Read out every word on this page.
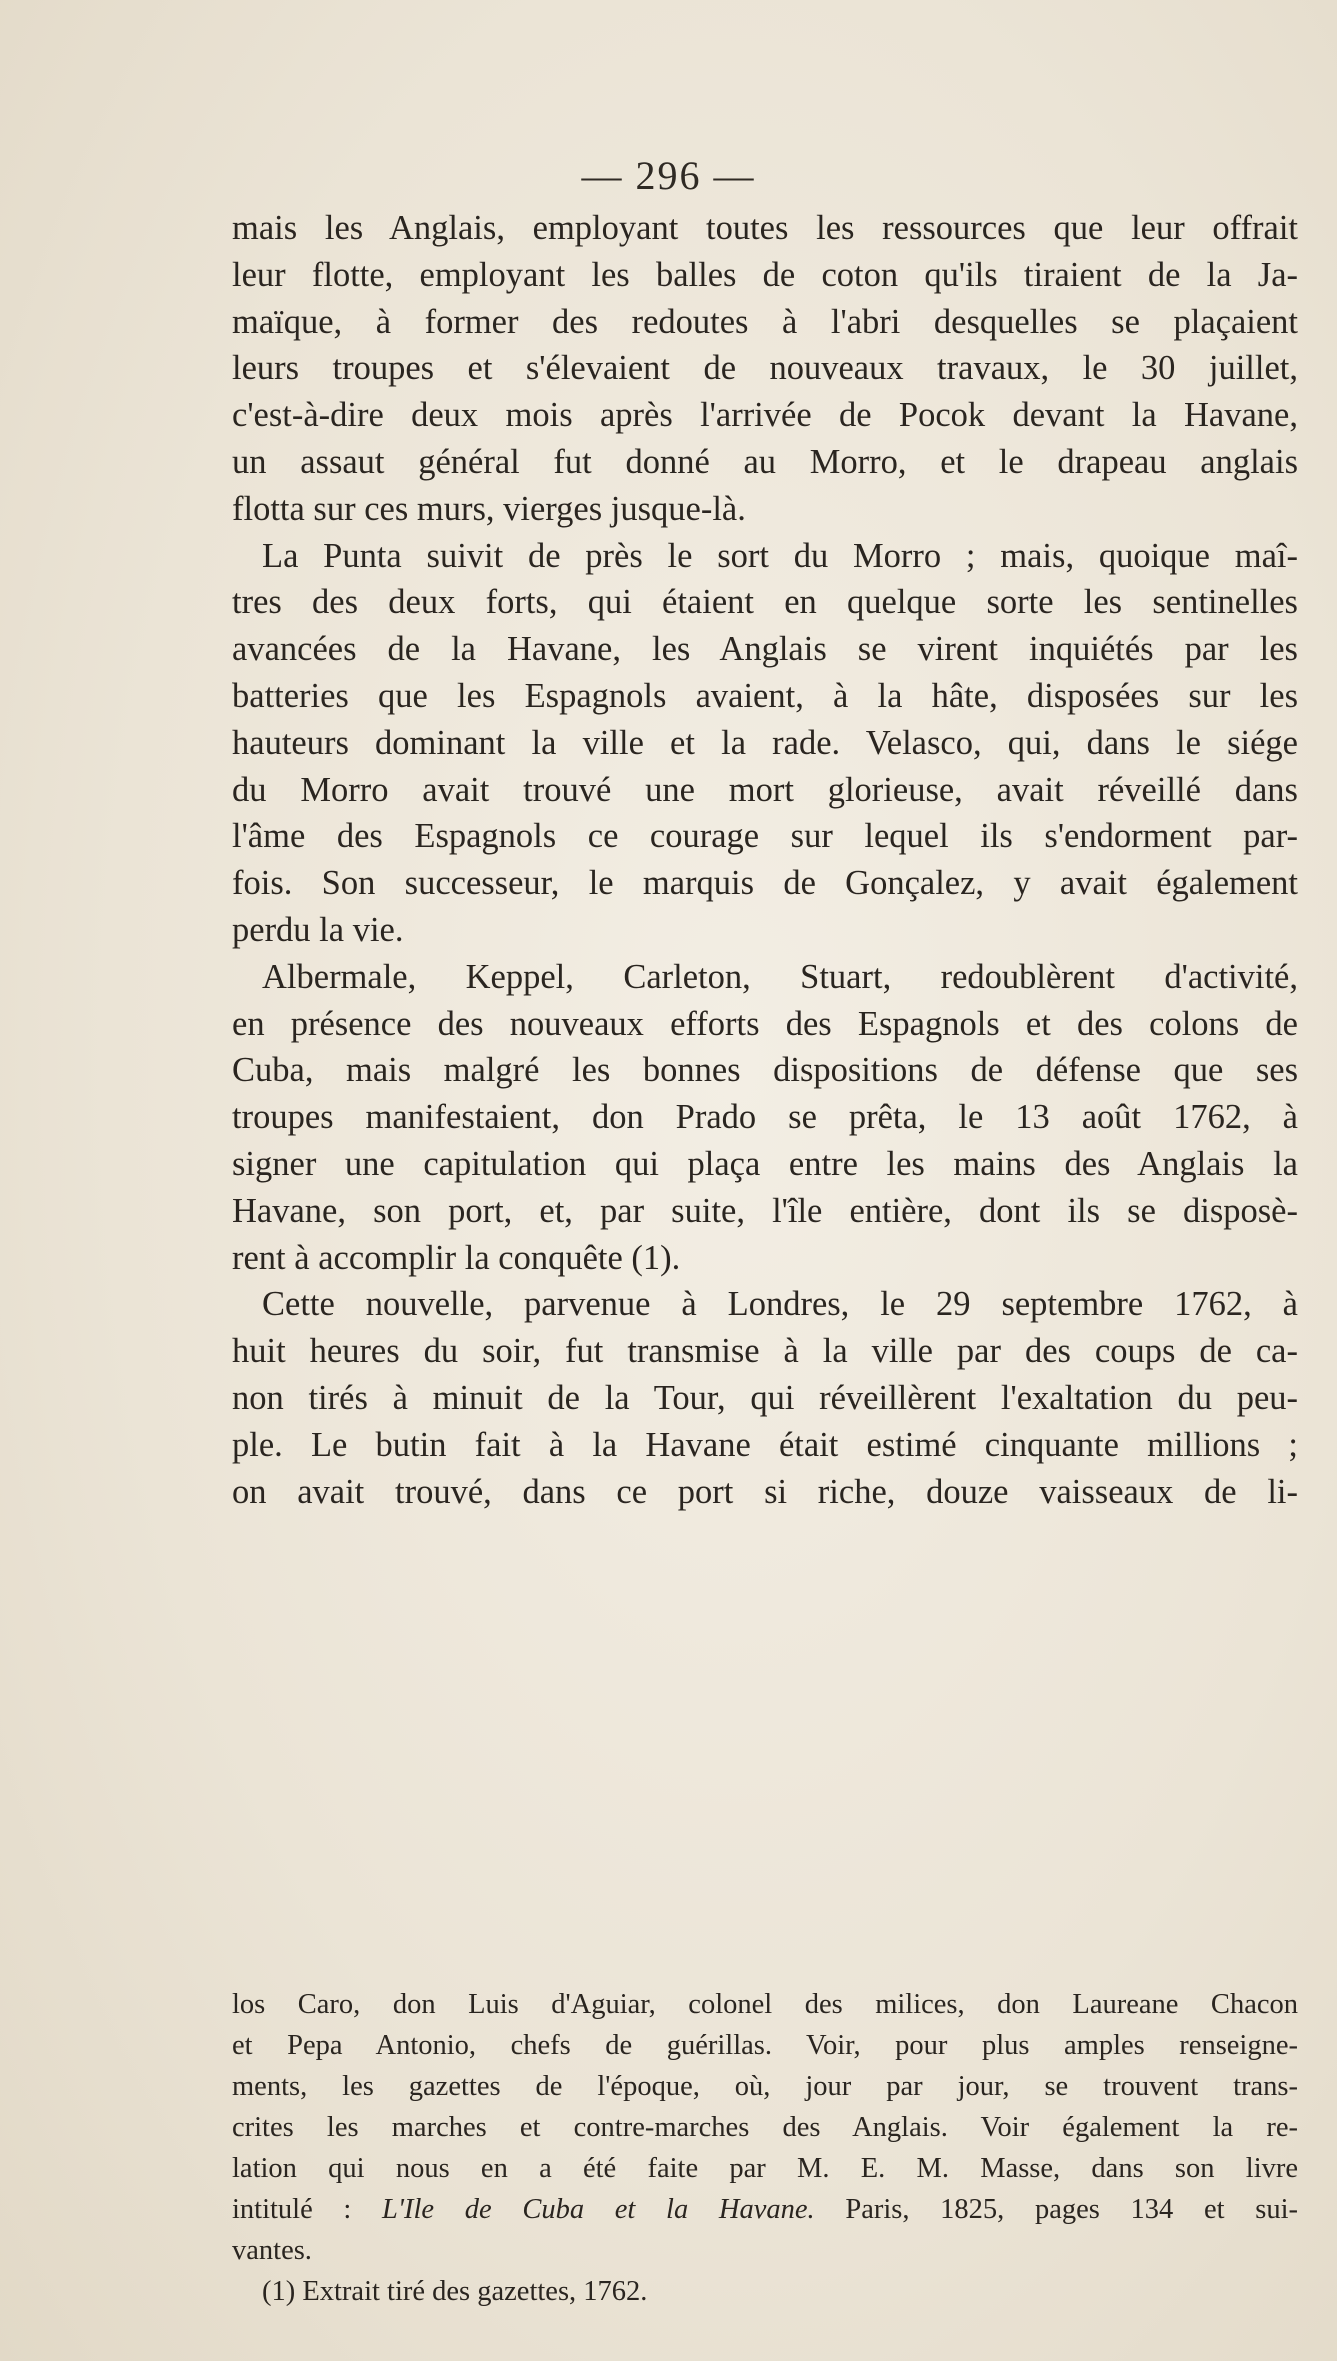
— 296 —

mais les Anglais, employant toutes les ressources que leur offrait
leur flotte, employant les balles de coton qu'ils tiraient de la Ja-
maïque, à former des redoutes à l'abri desquelles se plaçaient
leurs troupes et s'élevaient de nouveaux travaux, le 30 juillet,
c'est-à-dire deux mois après l'arrivée de Pocok devant la Havane,
un assaut général fut donné au Morro, et le drapeau anglais
flotta sur ces murs, vierges jusque-là.

La Punta suivit de près le sort du Morro ; mais, quoique maî-
tres des deux forts, qui étaient en quelque sorte les sentinelles
avancées de la Havane, les Anglais se virent inquiétés par les
batteries que les Espagnols avaient, à la hâte, disposées sur les
hauteurs dominant la ville et la rade. Velasco, qui, dans le siége
du Morro avait trouvé une mort glorieuse, avait réveillé dans
l'âme des Espagnols ce courage sur lequel ils s'endorment par-
fois. Son successeur, le marquis de Gonçalez, y avait également
perdu la vie.

Albermale, Keppel, Carleton, Stuart, redoublèrent d'activité,
en présence des nouveaux efforts des Espagnols et des colons de
Cuba, mais malgré les bonnes dispositions de défense que ses
troupes manifestaient, don Prado se prêta, le 13 août 1762, à
signer une capitulation qui plaça entre les mains des Anglais la
Havane, son port, et, par suite, l'île entière, dont ils se disposè-
rent à accomplir la conquête (1).

Cette nouvelle, parvenue à Londres, le 29 septembre 1762, à
huit heures du soir, fut transmise à la ville par des coups de ca-
non tirés à minuit de la Tour, qui réveillèrent l'exaltation du peu-
ple. Le butin fait à la Havane était estimé cinquante millions ;
on avait trouvé, dans ce port si riche, douze vaisseaux de li-

los Caro, don Luis d'Aguiar, colonel des milices, don Laureane Chacon
et Pepa Antonio, chefs de guérillas. Voir, pour plus amples renseigne-
ments, les gazettes de l'époque, où, jour par jour, se trouvent trans-
crites les marches et contre-marches des Anglais. Voir également la re-
lation qui nous en a été faite par M. E. M. Masse, dans son livre
intitulé : L'Ile de Cuba et la Havane. Paris, 1825, pages 134 et sui-
vantes.
(1) Extrait tiré des gazettes, 1762.
